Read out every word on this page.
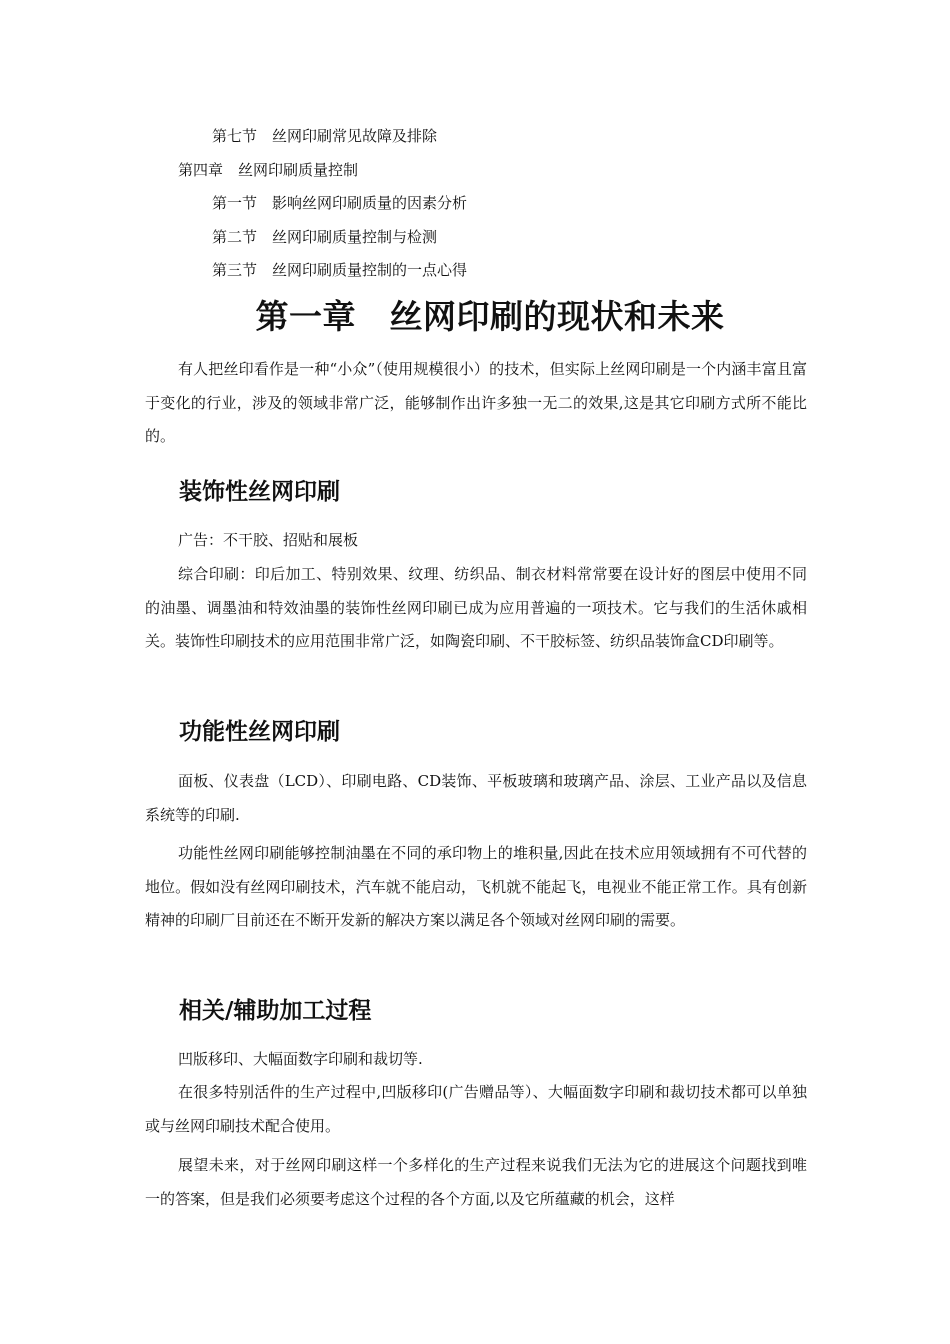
第七节　丝网印刷常见故障及排除
第四章　丝网印刷质量控制
第一节　影响丝网印刷质量的因素分析
第二节　丝网印刷质量控制与检测
第三节　丝网印刷质量控制的一点心得
第一章　丝网印刷的现状和未来
有人把丝印看作是一种“小众”（使用规模很小）的技术，但实际上丝网印刷是一个内涵丰富且富于变化的行业，涉及的领域非常广泛，能够制作出许多独一无二的效果,这是其它印刷方式所不能比的。
装饰性丝网印刷
广告：不干胶、招贴和展板
综合印刷：印后加工、特别效果、纹理、纺织品、制衣材料常常要在设计好的图层中使用不同的油墨、调墨油和特效油墨的装饰性丝网印刷已成为应用普遍的一项技术。它与我们的生活休戚相关。装饰性印刷技术的应用范围非常广泛，如陶瓷印刷、不干胶标签、纺织品装饰盒CD印刷等。
功能性丝网印刷
面板、仪表盘（LCD）、印刷电路、CD装饰、平板玻璃和玻璃产品、涂层、工业产品以及信息系统等的印刷.
功能性丝网印刷能够控制油墨在不同的承印物上的堆积量,因此在技术应用领域拥有不可代替的地位。假如没有丝网印刷技术，汽车就不能启动，飞机就不能起飞，电视业不能正常工作。具有创新精神的印刷厂目前还在不断开发新的解决方案以满足各个领域对丝网印刷的需要。
相关/辅助加工过程
凹版移印、大幅面数字印刷和裁切等.
在很多特别活件的生产过程中,凹版移印(广告赠品等）、大幅面数字印刷和裁切技术都可以单独或与丝网印刷技术配合使用。
展望未来，对于丝网印刷这样一个多样化的生产过程来说我们无法为它的进展这个问题找到唯一的答案，但是我们必须要考虑这个过程的各个方面,以及它所蕴藏的机会，这样
